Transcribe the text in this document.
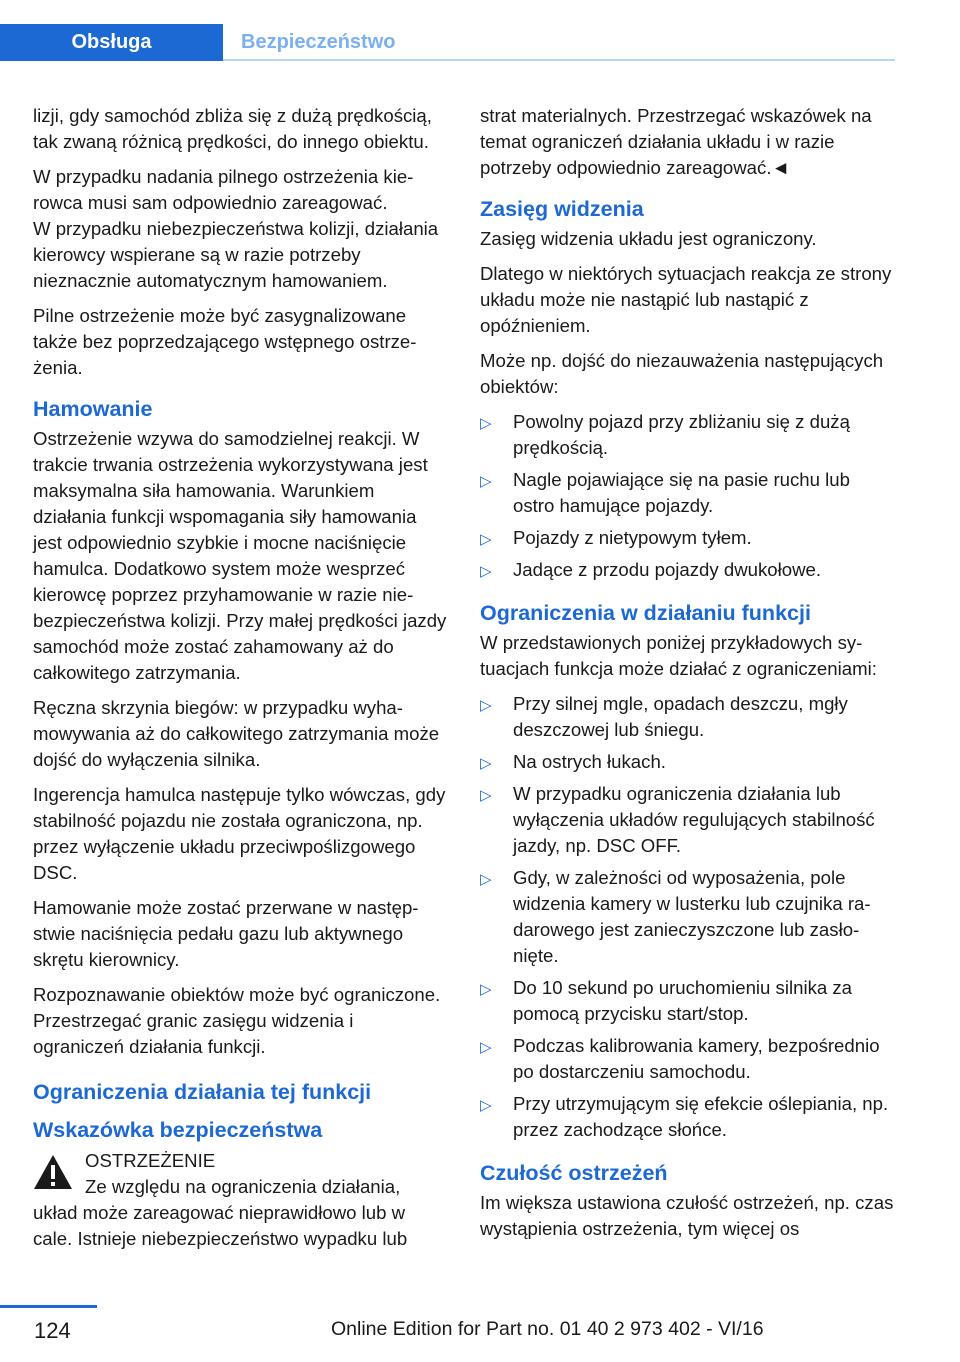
Obsługa	Bezpieczeństwo

lizji, gdy samochód zbliża się z dużą prędkością, tak zwaną różnicą prędkości, do innego obiektu.

W przypadku nadania pilnego ostrzeżenia kierowca musi sam odpowiednio zareagować.

W przypadku niebezpieczeństwa kolizji, działania kierowcy wspierane są w razie potrzeby nieznacznie automatycznym hamowaniem.

Pilne ostrzeżenie może być zasygnalizowane także bez poprzedzającego wstępnego ostrzeżenia.

Hamowanie

Ostrzeżenie wzywa do samodzielnej reakcji. W trakcie trwania ostrzeżenia wykorzystywana jest maksymalna siła hamowania. Warunkiem działania funkcji wspomagania siły hamowania jest odpowiednio szybkie i mocne naciśnięcie hamulca. Dodatkowo system może wesprzeć kierowcę poprzez przyhamowanie w razie niebezpieczeństwa kolizji. Przy małej prędkości jazdy samochód może zostać zahamowany aż do całkowitego zatrzymania.

Ręczna skrzynia biegów: w przypadku wyhamowywania aż do całkowitego zatrzymania może dojść do wyłączenia silnika.

Ingerencja hamulca następuje tylko wówczas, gdy stabilność pojazdu nie została ograniczona, np. przez wyłączenie układu przeciwpoślizgowego DSC.

Hamowanie może zostać przerwane w następstwie naciśnięcia pedału gazu lub aktywnego skrętu kierownicy.

Rozpoznawanie obiektów może być ograniczone. Przestrzegać granic zasięgu widzenia i ograniczeń działania funkcji.

Ograniczenia działania tej funkcji
Wskazówka bezpieczeństwa
OSTRZEŻENIE
Ze względu na ograniczenia działania, układ może zareagować nieprawidłowo lub w cale. Istnieje niebezpieczeństwo wypadku lub

strat materialnych. Przestrzegać wskazówek na temat ograniczeń działania układu i w razie potrzeby odpowiednio zareagować.◄

Zasięg widzenia

Zasięg widzenia układu jest ograniczony.

Dlatego w niektórych sytuacjach reakcja ze strony układu może nie nastąpić lub nastąpić z opóźnieniem.

Może np. dojść do niezauważenia następujących obiektów:

▷ Powolny pojazd przy zbliżaniu się z dużą prędkością.
▷ Nagle pojawiające się na pasie ruchu lub ostro hamujące pojazdy.
▷ Pojazdy z nietypowym tyłem.
▷ Jadące z przodu pojazdy dwukołowe.
Ograniczenia w działaniu funkcji

W przedstawionych poniżej przykładowych sytuacjach funkcja może działać z ograniczeniami:

▷ Przy silnej mgle, opadach deszczu, mgły deszczowej lub śniegu.
▷ Na ostrych łukach.
▷ W przypadku ograniczenia działania lub wyłączenia układów regulujących stabilność jazdy, np. DSC OFF.
▷ Gdy, w zależności od wyposażenia, pole widzenia kamery w lusterku lub czujnika radarowego jest zanieczyszczone lub zasłonięte.
▷ Do 10 sekund po uruchomieniu silnika za pomocą przycisku start/stop.
▷ Podczas kalibrowania kamery, bezpośrednio po dostarczeniu samochodu.
▷ Przy utrzymującym się efekcie oślepiania, np. przez zachodzące słońce.
Czułość ostrzeżeń

Im większa ustawiona czułość ostrzeżeń, np. czas wystąpienia ostrzeżenia, tym więcej os

124	Online Edition for Part no. 01 40 2 973 402 - VI/16
